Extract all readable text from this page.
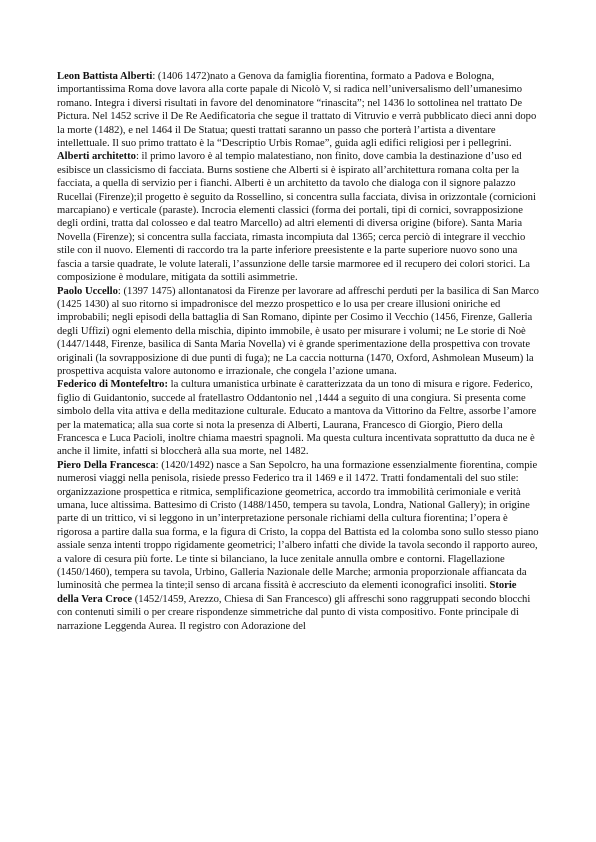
Leon Battista Alberti: (1406 1472)nato a Genova da famiglia fiorentina, formato a Padova e Bologna, importantissima Roma dove lavora alla corte papale di Nicolò V, si radica nell’universalismo dell’umanesimo romano. Integra i diversi risultati in favore del denominatore “rinascita”; nel 1436 lo sottolinea nel trattato De Pictura. Nel 1452 scrive il De Re Aedificatoria che segue il trattato di Vitruvio e verrà pubblicato dieci anni dopo la morte (1482), e nel 1464 il De Statua; questi trattati saranno un passo che porterà l’artista a diventare intellettuale. Il suo primo trattato è la “Descriptio Urbis Romae”, guida agli edifici religiosi per i pellegrini.

Alberti architetto: il primo lavoro è al tempio malatestiano, non finito, dove cambia la destinazione d’uso ed esibisce un classicismo di facciata. Burns sostiene che Alberti si è ispirato all’architettura romana colta per la facciata, a quella di servizio per i fianchi. Alberti è un architetto da tavolo che dialoga con il signore palazzo Rucellai (Firenze);il progetto è seguito da Rossellino, si concentra sulla facciata, divisa in orizzontale (cornicioni marcapiano) e verticale (paraste). Incrocia elementi classici (forma dei portali, tipi di cornici, sovrapposizione degli ordini, tratta dal colosseo e dal teatro Marcello) ad altri elementi di diversa origine (bifore). Santa Maria Novella (Firenze); si concentra sulla facciata, rimasta incompiuta dal 1365; cerca perciò di integrare il vecchio stile con il nuovo. Elementi di raccordo tra la parte inferiore preesistente e la parte superiore nuovo sono una fascia a tarsie quadrate, le volute laterali, l’assunzione delle tarsie marmoree ed il recupero dei colori storici. La composizione è modulare, mitigata da sottili asimmetrie.

Paolo Uccello: (1397 1475) allontanatosi da Firenze per lavorare ad affreschi perduti per la basilica di San Marco (1425 1430) al suo ritorno si impadronisce del mezzo prospettico e lo usa per creare illusioni oniriche ed improbabili; negli episodi della battaglia di San Romano, dipinte per Cosimo il Vecchio (1456, Firenze, Galleria degli Uffizi) ogni elemento della mischia, dipinto immobile, è usato per misurare i volumi; ne Le storie di Noè (1447/1448, Firenze, basilica di Santa Maria Novella) vi è grande sperimentazione della prospettiva con trovate originali (la sovrapposizione di due punti di fuga); ne La caccia notturna (1470, Oxford, Ashmolean Museum) la prospettiva acquista valore autonomo e irrazionale, che congela l’azione umana.

Federico di Montefeltro: la cultura umanistica urbinate è caratterizzata da un tono di misura e rigore. Federico, figlio di Guidantonio, succede al fratellastro Oddantonio nel ,1444 a seguito di una congiura. Si presenta come simbolo della vita attiva e della meditazione culturale. Educato a mantova da Vittorino da Feltre, assorbe l’amore per la matematica; alla sua corte si nota la presenza di Alberti, Laurana, Francesco di Giorgio, Piero della Francesca e Luca Pacioli, inoltre chiama maestri spagnoli. Ma questa cultura incentivata soprattutto da duca ne è anche il limite, infatti si bloccherà alla sua morte, nel 1482.

Piero Della Francesca: (1420/1492) nasce a San Sepolcro, ha una formazione essenzialmente fiorentina, compie numerosi viaggi nella penisola, risiede presso Federico tra il 1469 e il 1472. Tratti fondamentali del suo stile: organizzazione prospettica e ritmica, semplificazione geometrica, accordo tra immobilità cerimoniale e verità umana, luce altissima. Battesimo di Cristo (1488/1450, tempera su tavola, Londra, National Gallery); in origine parte di un trittico, vi si leggono in un’interpretazione personale richiami della cultura fiorentina; l’opera è rigorosa a partire dalla sua forma, e la figura di Cristo, la coppa del Battista ed la colomba sono sullo stesso piano assiale senza intenti troppo rigidamente geometrici; l’albero infatti che divide la tavola secondo il rapporto aureo, a valore di cesura più forte. Le tinte si bilanciano, la luce zenitale annulla ombre e contorni. Flagellazione (1450/1460), tempera su tavola, Urbino, Galleria Nazionale delle Marche; armonia proporzionale affiancata da luminosità che permea la tinte;il senso di arcana fissità è accresciuto da elementi iconografici insoliti. Storie della Vera Croce (1452/1459, Arezzo, Chiesa di San Francesco) gli affreschi sono raggruppati secondo blocchi con contenuti simili o per creare rispondenze simmetriche dal punto di vista compositivo. Fonte principale di narrazione Leggenda Aurea. Il registro con Adorazione del
